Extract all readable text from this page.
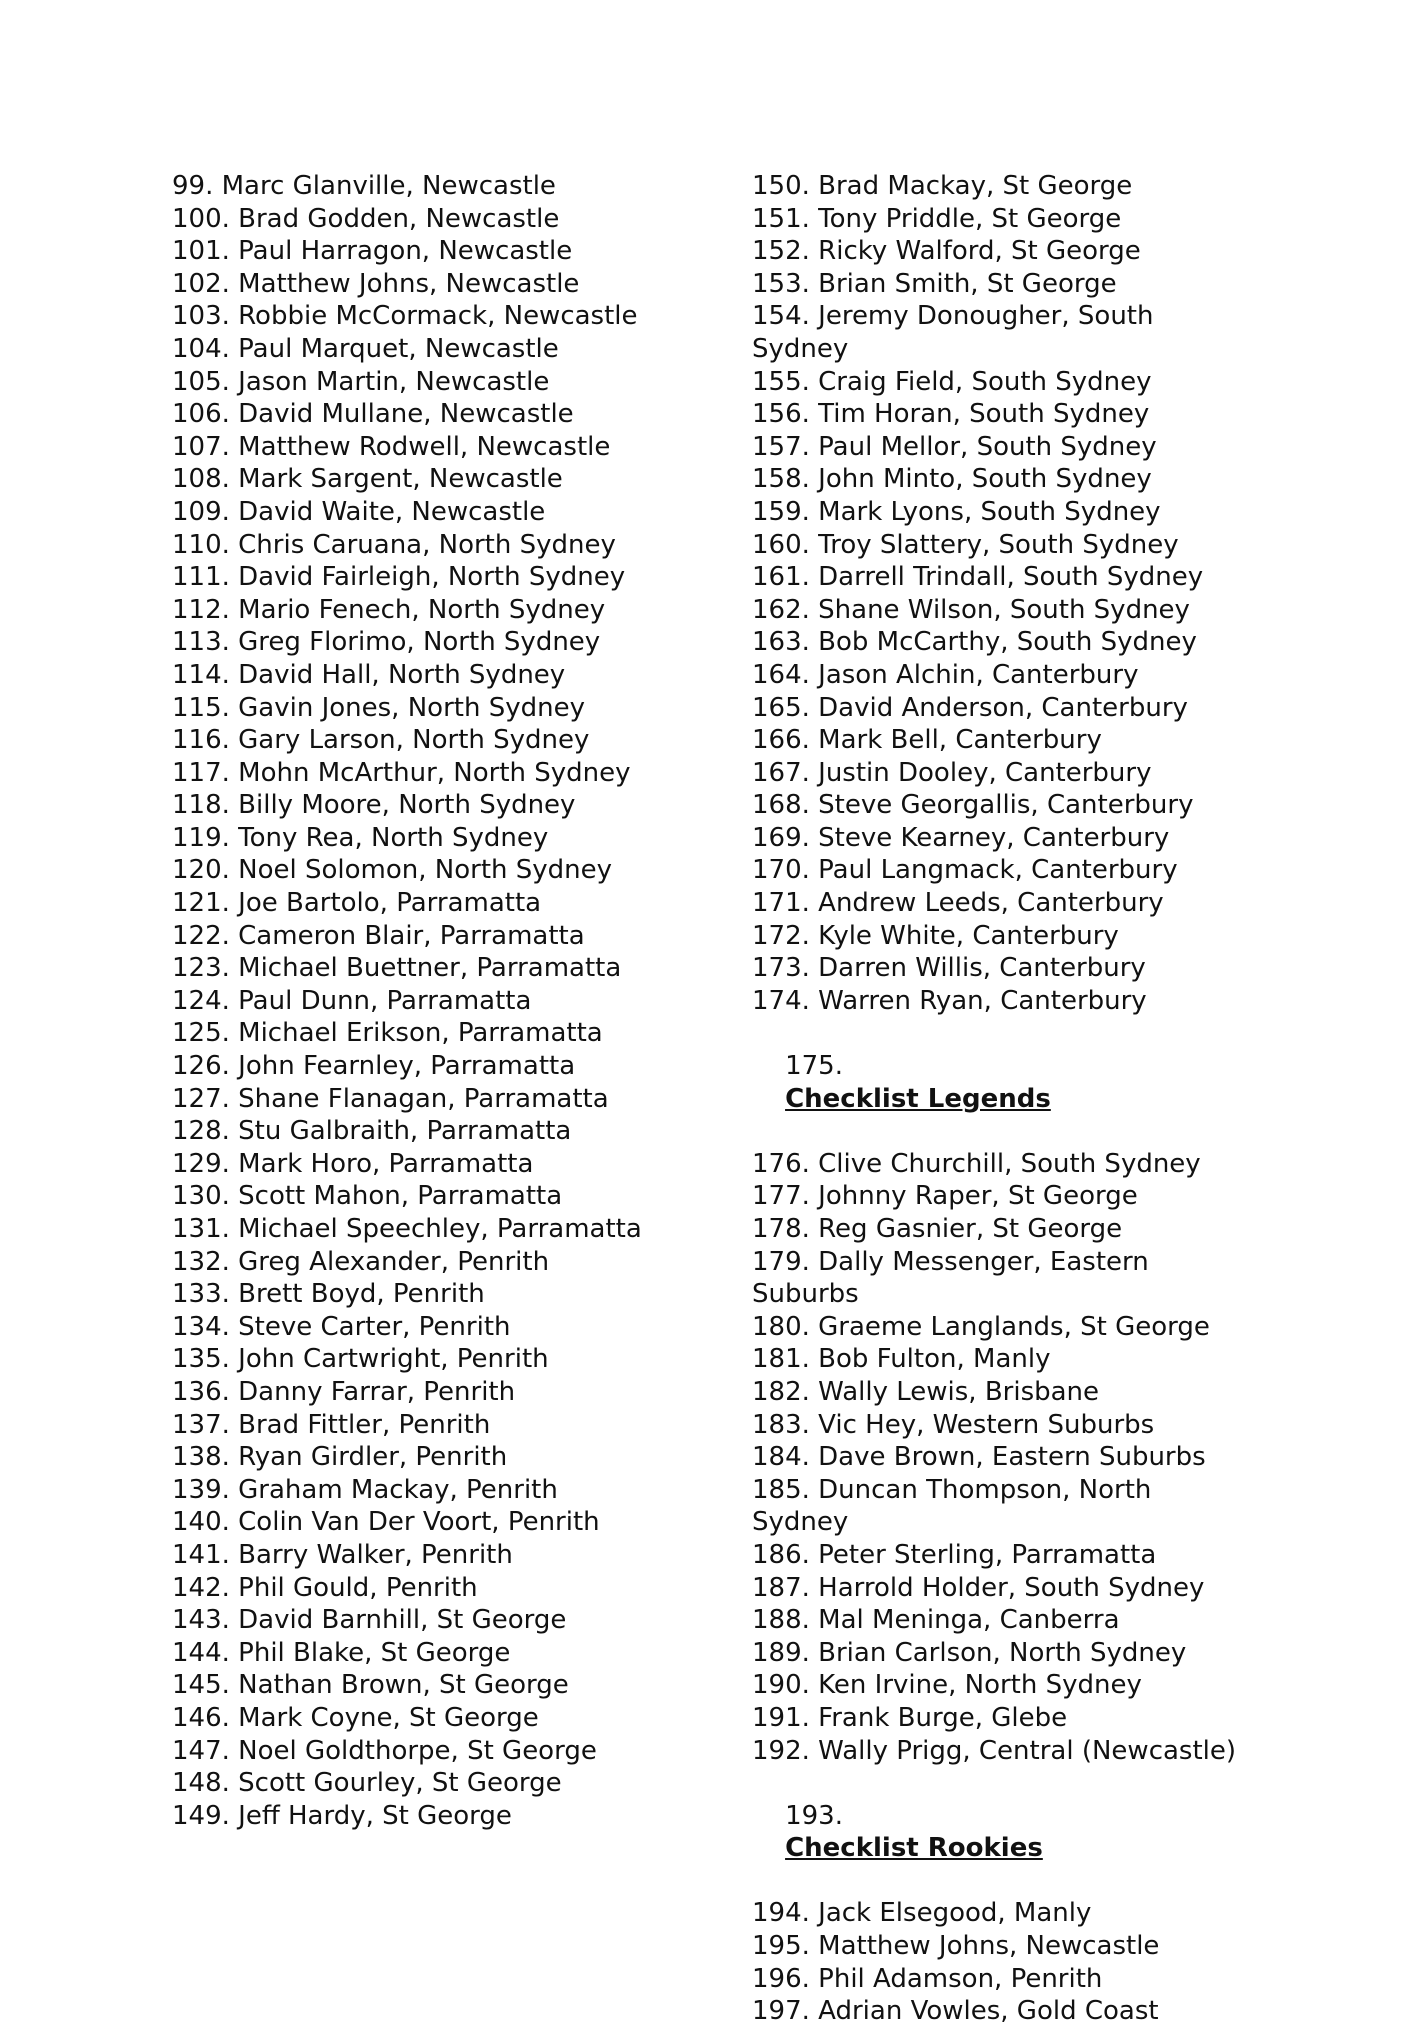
99. Marc Glanville, Newcastle
100. Brad Godden, Newcastle
101. Paul Harragon, Newcastle
102. Matthew Johns, Newcastle
103. Robbie McCormack, Newcastle
104. Paul Marquet, Newcastle
105. Jason Martin, Newcastle
106. David Mullane, Newcastle
107. Matthew Rodwell, Newcastle
108. Mark Sargent, Newcastle
109. David Waite, Newcastle
110. Chris Caruana, North Sydney
111. David Fairleigh, North Sydney
112. Mario Fenech, North Sydney
113. Greg Florimo, North Sydney
114. David Hall, North Sydney
115. Gavin Jones, North Sydney
116. Gary Larson, North Sydney
117. Mohn McArthur, North Sydney
118. Billy Moore, North Sydney
119. Tony Rea, North Sydney
120. Noel Solomon, North Sydney
121. Joe Bartolo, Parramatta
122. Cameron Blair, Parramatta
123. Michael Buettner, Parramatta
124. Paul Dunn, Parramatta
125. Michael Erikson, Parramatta
126. John Fearnley, Parramatta
127. Shane Flanagan, Parramatta
128. Stu Galbraith, Parramatta
129. Mark Horo, Parramatta
130. Scott Mahon, Parramatta
131. Michael Speechley, Parramatta
132. Greg Alexander, Penrith
133. Brett Boyd, Penrith
134. Steve Carter, Penrith
135. John Cartwright, Penrith
136. Danny Farrar, Penrith
137. Brad Fittler, Penrith
138. Ryan Girdler, Penrith
139. Graham Mackay, Penrith
140. Colin Van Der Voort, Penrith
141. Barry Walker, Penrith
142. Phil Gould, Penrith
143. David Barnhill, St George
144. Phil Blake, St George
145. Nathan Brown, St George
146. Mark Coyne, St George
147. Noel Goldthorpe, St George
148. Scott Gourley, St George
149. Jeff Hardy, St George
150. Brad Mackay, St George
151. Tony Priddle, St George
152. Ricky Walford, St George
153. Brian Smith, St George
154. Jeremy Donougher, South
Sydney
155. Craig Field, South Sydney
156. Tim Horan, South Sydney
157. Paul Mellor, South Sydney
158. John Minto, South Sydney
159. Mark Lyons, South Sydney
160. Troy Slattery, South Sydney
161. Darrell Trindall, South Sydney
162. Shane Wilson, South Sydney
163. Bob McCarthy, South Sydney
164. Jason Alchin, Canterbury
165. David Anderson, Canterbury
166. Mark Bell, Canterbury
167. Justin Dooley, Canterbury
168. Steve Georgallis, Canterbury
169. Steve Kearney, Canterbury
170. Paul Langmack, Canterbury
171. Andrew Leeds, Canterbury
172. Kyle White, Canterbury
173. Darren Willis, Canterbury
174. Warren Ryan, Canterbury

175.
Checklist Legends

176. Clive Churchill, South Sydney
177. Johnny Raper, St George
178. Reg Gasnier, St George
179. Dally Messenger, Eastern
Suburbs
180. Graeme Langlands, St George
181. Bob Fulton, Manly
182. Wally Lewis, Brisbane
183. Vic Hey, Western Suburbs
184. Dave Brown, Eastern Suburbs
185. Duncan Thompson, North
Sydney
186. Peter Sterling, Parramatta
187. Harrold Holder, South Sydney
188. Mal Meninga, Canberra
189. Brian Carlson, North Sydney
190. Ken Irvine, North Sydney
191. Frank Burge, Glebe
192. Wally Prigg, Central (Newcastle)

193.
Checklist Rookies

194. Jack Elsegood, Manly
195. Matthew Johns, Newcastle
196. Phil Adamson, Penrith
197. Adrian Vowles, Gold Coast
